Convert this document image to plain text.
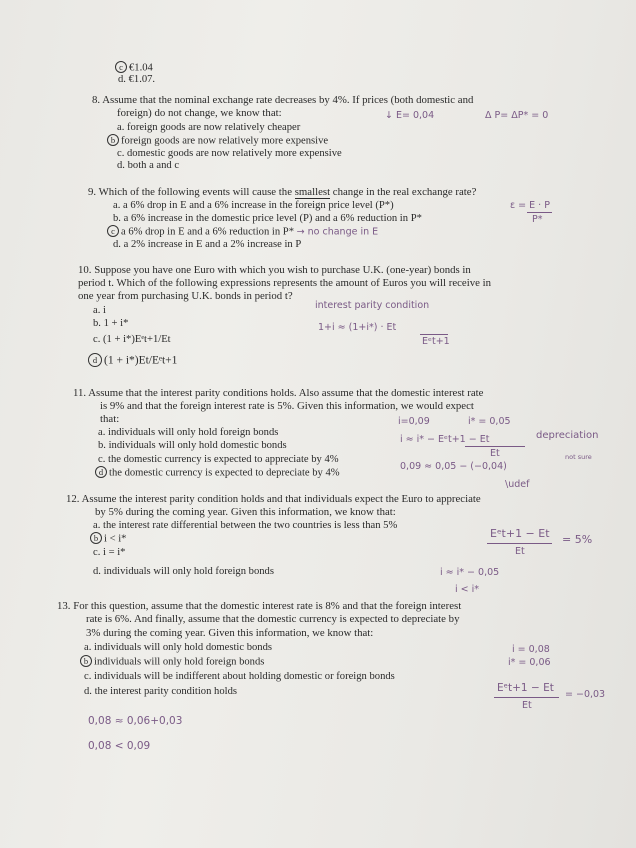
c €1.04
d. €1.07.
8. Assume that the nominal exchange rate decreases by 4%. If prices (both domestic and
foreign) do not change, we know that:
a. foreign goods are now relatively cheaper
b foreign goods are now relatively more expensive
c. domestic goods are now relatively more expensive
d. both a and c
↓ E= 0,04	Δ P= ΔP* = 0
9. Which of the following events will cause the smallest change in the real exchange rate?
a. a 6% drop in E and a 6% increase in the foreign price level (P*)
b. a 6% increase in the domestic price level (P) and a 6% reduction in P*
c a 6% drop in E and a 6% reduction in P* → no change in E
d. a 2% increase in E and a 2% increase in P
ε = E · P
P*
10. Suppose you have one Euro with which you wish to purchase U.K. (one-year) bonds in
period t. Which of the following expressions represents the amount of Euros you will receive in
one year from purchasing U.K. bonds in period t?
a. i
b. 1 + i*
c. (1 + i*)Eᵉt+1/Et
d (1 + i*)Et/Eᵉt+1
interest parity condition
1+i ≈ (1+i*) · Et
Eᵉt+1
11. Assume that the interest parity conditions holds. Also assume that the domestic interest rate
is 9% and that the foreign interest rate is 5%. Given this information, we would expect
that:
a. individuals will only hold foreign bonds
b. individuals will only hold domestic bonds
c. the domestic currency is expected to appreciate by 4%
d the domestic currency is expected to depreciate by 4%
i=0,09	i* = 0,05
i ≈ i* − Eᵉt+1 − Et
Et
0,09 ≈ 0,05 − (−0,04)
depreciation
not sure
\udef
12. Assume the interest parity condition holds and that individuals expect the Euro to appreciate
by 5% during the coming year. Given this information, we know that:
a. the interest rate differential between the two countries is less than 5%
b i < i*
c. i = i*
d. individuals will only hold foreign bonds
Eᵉt+1 − Et
Et
= 5%
i ≈ i* − 0,05
i < i*
13. For this question, assume that the domestic interest rate is 8% and that the foreign interest
rate is 6%. And finally, assume that the domestic currency is expected to depreciate by
3% during the coming year. Given this information, we know that:
a. individuals will only hold domestic bonds
b individuals will only hold foreign bonds
c. individuals will be indifferent about holding domestic or foreign bonds
d. the interest parity condition holds
i = 0,08
i* = 0,06
Eᵉt+1 − Et
Et
= −0,03
0,08 ≈ 0,06+0,03
0,08 < 0,09
